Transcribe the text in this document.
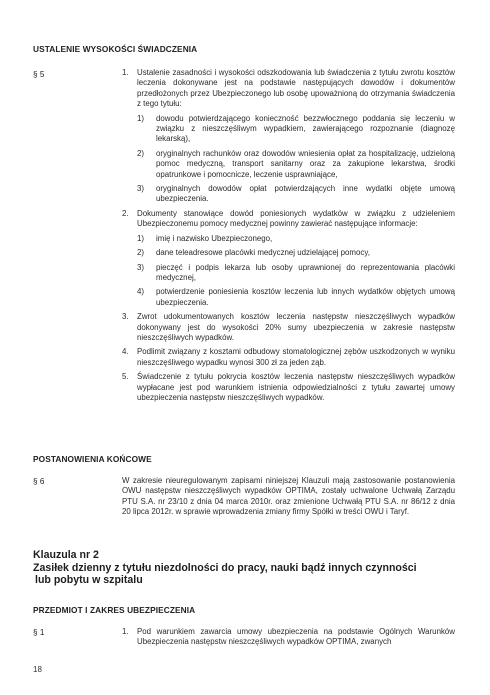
USTALENIE WYSOKOŚCI ŚWIADCZENIA
§ 5	1. Ustalenie zasadności i wysokości odszkodowania lub świadczenia z tytułu zwrotu kosztów leczenia dokonywane jest na podstawie następujących dowodów i dokumentów przedłożonych przez Ubezpieczonego lub osobę upoważnioną do otrzymania świadczenia z tego tytułu:
1) dowodu potwierdzającego konieczność bezzwłocznego poddania się leczeniu w związku z nieszczęśliwym wypadkiem, zawierającego rozpoznanie (diagnozę lekarską),
2) oryginalnych rachunków oraz dowodów wniesienia opłat za hospitalizację, udzieloną pomoc medyczną, transport sanitarny oraz za zakupione lekarstwa, środki opatrunkowe i pomocnicze, leczenie usprawniające,
3) oryginalnych dowodów opłat potwierdzających inne wydatki objęte umową ubezpieczenia.
2. Dokumenty stanowiące dowód poniesionych wydatków w związku z udzieleniem Ubezpieczonemu pomocy medycznej powinny zawierać następujące informacje:
1) imię i nazwisko Ubezpieczonego,
2) dane teleadresowe placówki medycznej udzielającej pomocy,
3) pieczęć i podpis lekarza lub osoby uprawnionej do reprezentowania placówki medycznej,
4) potwierdzenie poniesienia kosztów leczenia lub innych wydatków objętych umową ubezpieczenia.
3. Zwrot udokumentowanych kosztów leczenia następstw nieszczęśliwych wypadków dokonywany jest do wysokości 20% sumy ubezpieczenia w zakresie następstw nieszczęśliwych wypadków.
4. Podlimit związany z kosztami odbudowy stomatologicznej zębów uszkodzonych w wyniku nieszczęśliwego wypadku wynosi 300 zł za jeden ząb.
5. Świadczenie z tytułu pokrycia kosztów leczenia następstw nieszczęśliwych wypadków wypłacane jest pod warunkiem istnienia odpowiedzialności z tytułu zawartej umowy ubezpieczenia następstw nieszczęśliwych wypadków.
POSTANOWIENIA KOŃCOWE
§ 6	W zakresie nieuregulowanym zapisami niniejszej Klauzuli mają zastosowanie postanowienia OWU następstw nieszczęśliwych wypadków OPTIMA, zostały uchwalone Uchwałą Zarządu PTU S.A. nr 23/10 z dnia 04 marca 2010r. oraz zmienione Uchwałą PTU S.A. nr 86/12 z dnia 20 lipca 2012r. w sprawie wprowadzenia zmiany firmy Spółki w treści OWU i Taryf.
Klauzula nr 2
Zasiłek dzienny z tytułu niezdolności do pracy, nauki bądź innych czynności
lub pobytu w szpitalu
PRZEDMIOT I ZAKRES UBEZPIECZENIA
§ 1	1. Pod warunkiem zawarcia umowy ubezpieczenia na podstawie Ogólnych Warunków Ubezpieczenia następstw nieszczęśliwych wypadków OPTIMA, zwanych
18
